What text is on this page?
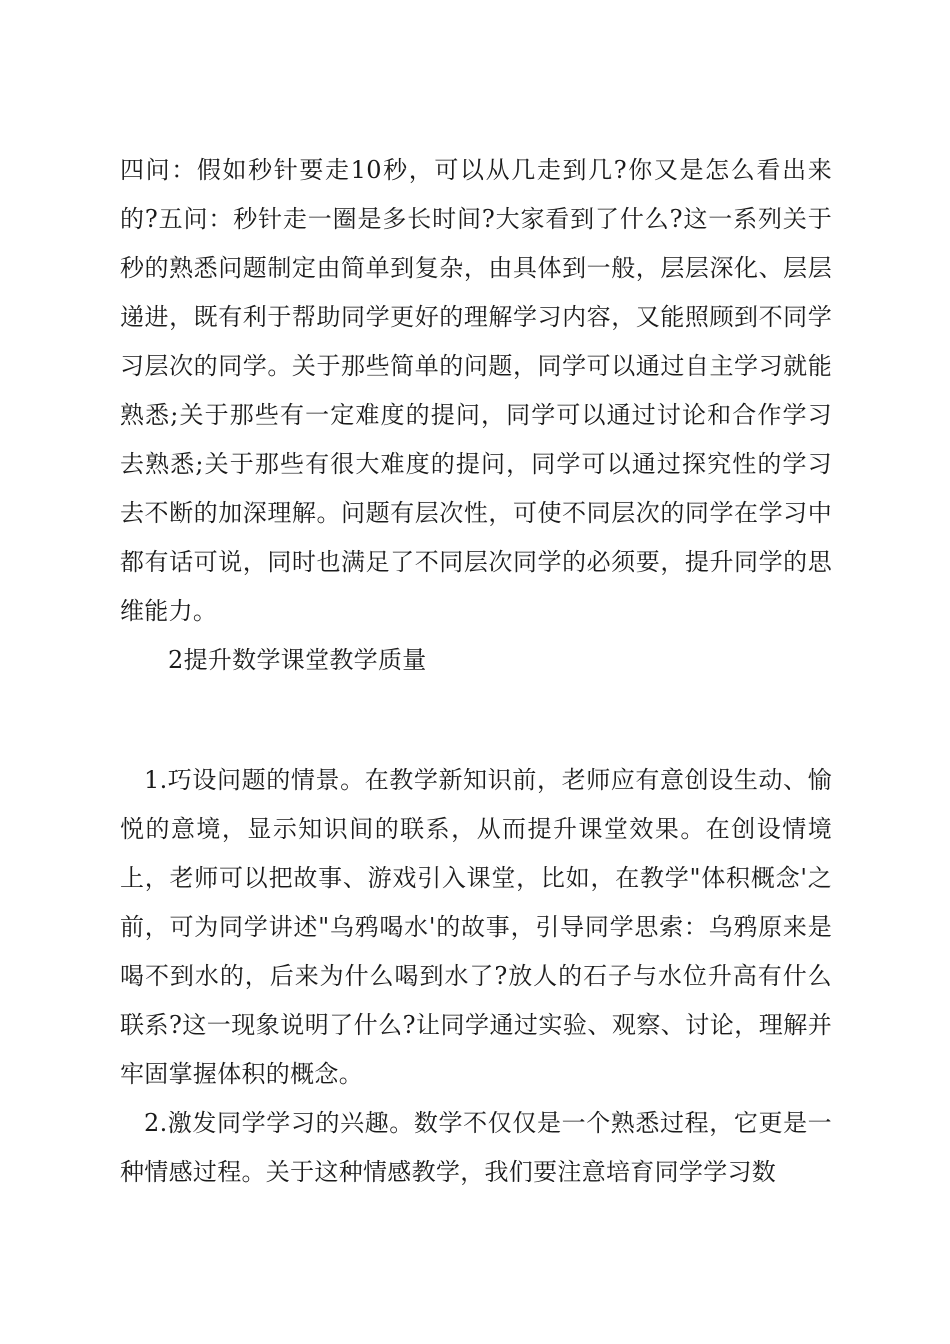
四问：假如秒针要走10秒，可以从几走到几?你又是怎么看出来的?五问：秒针走一圈是多长时间?大家看到了什么?这一系列关于秒的熟悉问题制定由简单到复杂，由具体到一般，层层深化、层层递进，既有利于帮助同学更好的理解学习内容，又能照顾到不同学习层次的同学。关于那些简单的问题，同学可以通过自主学习就能熟悉;关于那些有一定难度的提问，同学可以通过讨论和合作学习去熟悉;关于那些有很大难度的提问，同学可以通过探究性的学习去不断的加深理解。问题有层次性，可使不同层次的同学在学习中都有话可说，同时也满足了不同层次同学的必须要，提升同学的思维能力。

2提升数学课堂教学质量

1.巧设问题的情景。在教学新知识前，老师应有意创设生动、愉悦的意境，显示知识间的联系，从而提升课堂效果。在创设情境上，老师可以把故事、游戏引入课堂，比如，在教学"体积概念'之前，可为同学讲述"乌鸦喝水'的故事，引导同学思索：乌鸦原来是喝不到水的，后来为什么喝到水了?放人的石子与水位升高有什么联系?这一现象说明了什么?让同学通过实验、观察、讨论，理解并牢固掌握体积的概念。

2.激发同学学习的兴趣。数学不仅仅是一个熟悉过程，它更是一种情感过程。关于这种情感教学，我们要注意培育同学学习数
